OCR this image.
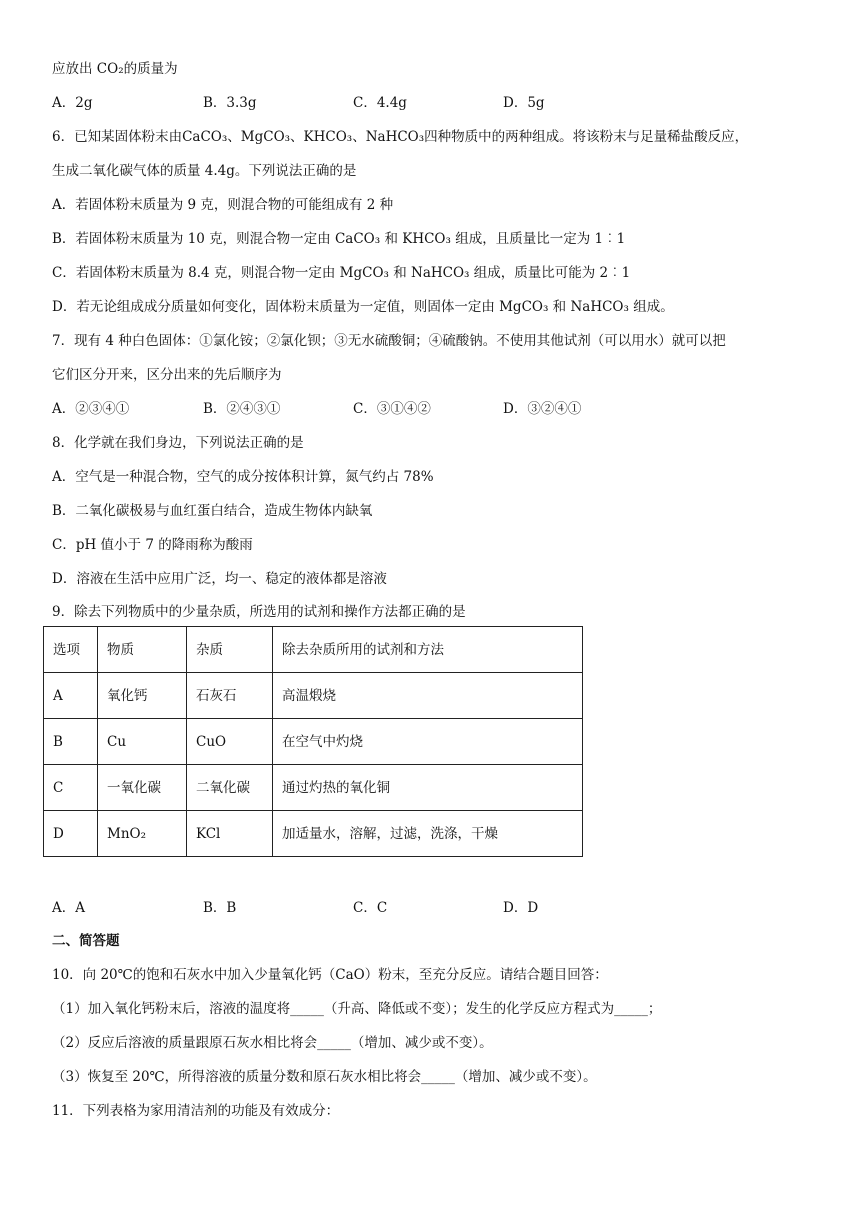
应放出 CO₂的质量为
A．2g	B．3.3g	C．4.4g	D．5g
6．已知某固体粉末由CaCO₃、MgCO₃、KHCO₃、NaHCO₃四种物质中的两种组成。将该粉末与足量稀盐酸反应，
生成二氧化碳气体的质量 4.4g。下列说法正确的是
A．若固体粉末质量为 9 克，则混合物的可能组成有 2 种
B．若固体粉末质量为 10 克，则混合物一定由 CaCO₃ 和 KHCO₃ 组成，且质量比一定为 1︰1
C．若固体粉末质量为 8.4 克，则混合物一定由 MgCO₃ 和 NaHCO₃ 组成，质量比可能为 2︰1
D．若无论组成成分质量如何变化，固体粉末质量为一定值，则固体一定由 MgCO₃ 和 NaHCO₃ 组成。
7．现有 4 种白色固体：①氯化铵；②氯化钡；③无水硫酸铜；④硫酸钠。不使用其他试剂（可以用水）就可以把
它们区分开来，区分出来的先后顺序为
A．②③④①	B．②④③①	C．③①④②	D．③②④①
8．化学就在我们身边，下列说法正确的是
A．空气是一种混合物，空气的成分按体积计算，氮气约占 78%
B．二氧化碳极易与血红蛋白结合，造成生物体内缺氧
C．pH 值小于 7 的降雨称为酸雨
D．溶液在生活中应用广泛，均一、稳定的液体都是溶液
9．除去下列物质中的少量杂质，所选用的试剂和操作方法都正确的是
选项	物质	杂质	除去杂质所用的试剂和方法
A	氧化钙	石灰石	高温煅烧
B	Cu	CuO	在空气中灼烧
C	一氧化碳	二氧化碳	通过灼热的氧化铜
D	MnO₂	KCl	加适量水，溶解，过滤，洗涤，干燥
A．A	B．B	C．C	D．D
二、简答题
10．向 20℃的饱和石灰水中加入少量氧化钙（CaO）粉末，至充分反应。请结合题目回答：
（1）加入氧化钙粉末后，溶液的温度将_____（升高、降低或不变）；发生的化学反应方程式为_____；
（2）反应后溶液的质量跟原石灰水相比将会_____（增加、减少或不变）。
（3）恢复至 20℃，所得溶液的质量分数和原石灰水相比将会_____（增加、减少或不变）。
11．下列表格为家用清洁剂的功能及有效成分：
